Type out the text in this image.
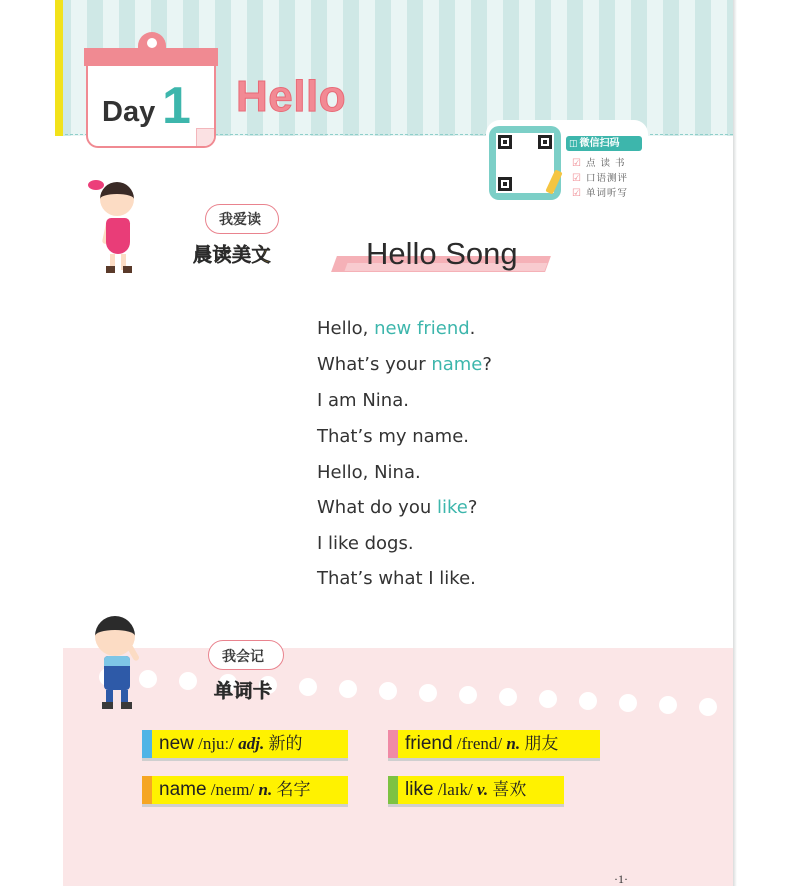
Day 1 Hello
◫ 微信扫码
☑ 点 读 书
☑ 口语测评
☑ 单词听写
我爱读
晨读美文	Hello Song
Hello, new friend.
What’s your name?
I am Nina.
That’s my name.
Hello, Nina.
What do you like?
I like dogs.
That’s what I like.
我会记
单词卡
new /njuː/ adj. 新的	friend /frend/ n. 朋友
name /neɪm/ n. 名字	like /laɪk/ v. 喜欢
·1·
